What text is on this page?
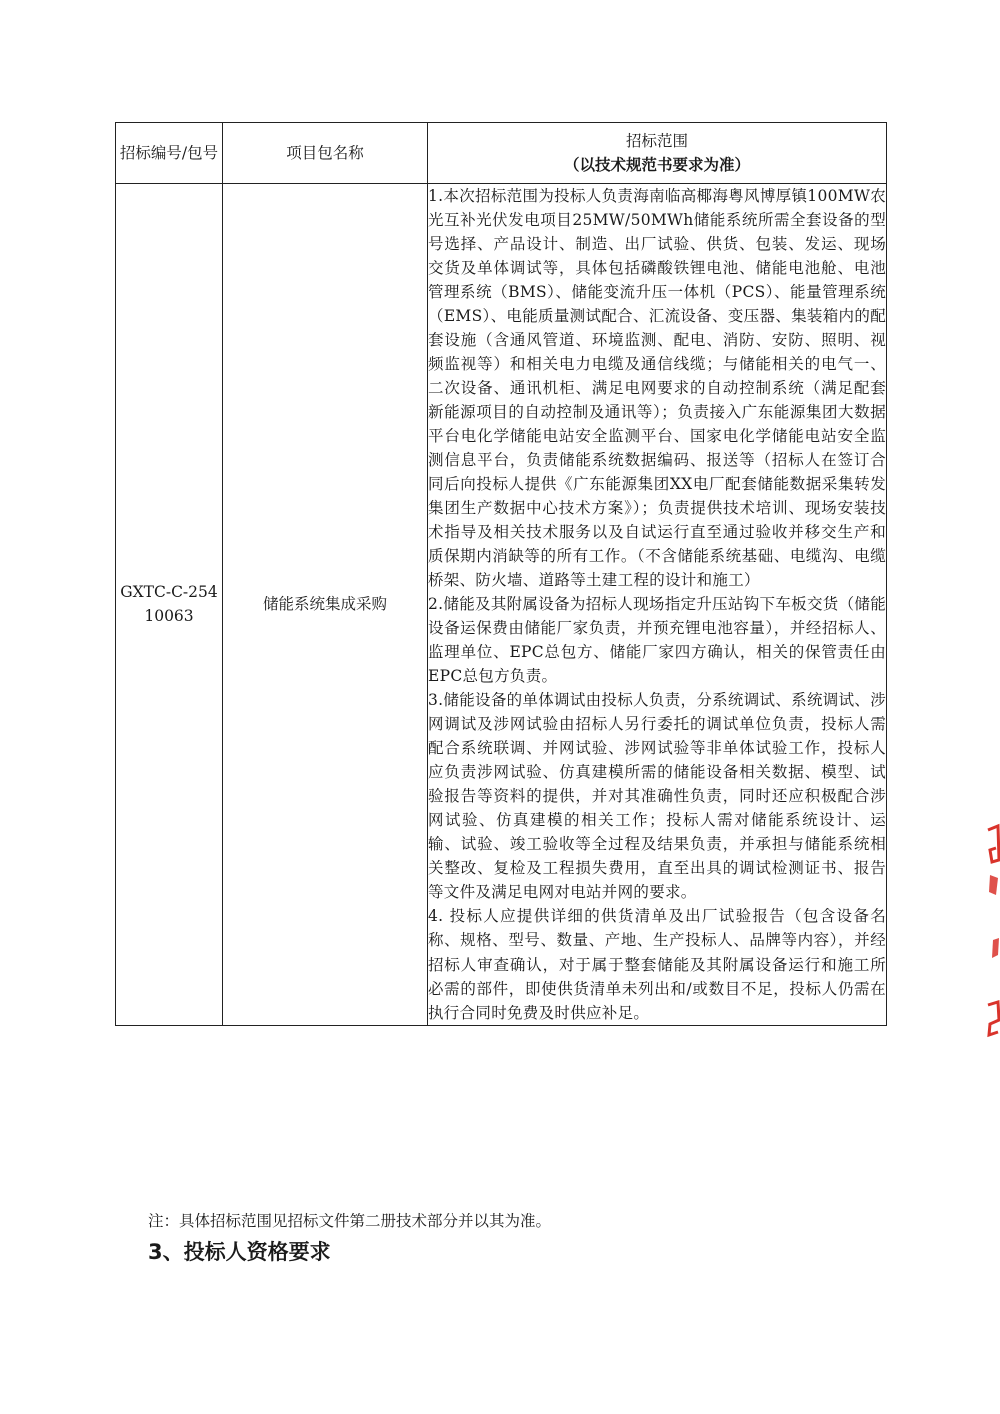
招标编号/包号	项目包名称	招标范围
（以技术规范书要求为准）

GXTC-C-254
10063	储能系统集成采购	1.本次招标范围为投标人负责海南临高椰海粤风博厚镇100MW农光互补光伏发电项目25MW/50MWh储能系统所需全套设备的型号选择、产品设计、制造、出厂试验、供货、包装、发运、现场交货及单体调试等，具体包括磷酸铁锂电池、储能电池舱、电池管理系统（BMS）、储能变流升压一体机（PCS）、能量管理系统（EMS）、电能质量测试配合、汇流设备、变压器、集装箱内的配套设施（含通风管道、环境监测、配电、消防、安防、照明、视频监视等）和相关电力电缆及通信线缆；与储能相关的电气一、二次设备、通讯机柜、满足电网要求的自动控制系统（满足配套新能源项目的自动控制及通讯等）；负责接入广东能源集团大数据平台电化学储能电站安全监测平台、国家电化学储能电站安全监测信息平台，负责储能系统数据编码、报送等（招标人在签订合同后向投标人提供《广东能源集团XX电厂配套储能数据采集转发集团生产数据中心技术方案》）；负责提供技术培训、现场安装技术指导及相关技术服务以及自试运行直至通过验收并移交生产和质保期内消缺等的所有工作。（不含储能系统基础、电缆沟、电缆桥架、防火墙、道路等土建工程的设计和施工）
2.储能及其附属设备为招标人现场指定升压站钩下车板交货（储能设备运保费由储能厂家负责，并预充锂电池容量），并经招标人、监理单位、EPC总包方、储能厂家四方确认，相关的保管责任由EPC总包方负责。
3.储能设备的单体调试由投标人负责，分系统调试、系统调试、涉网调试及涉网试验由招标人另行委托的调试单位负责，投标人需配合系统联调、并网试验、涉网试验等非单体试验工作，投标人应负责涉网试验、仿真建模所需的储能设备相关数据、模型、试验报告等资料的提供，并对其准确性负责，同时还应积极配合涉网试验、仿真建模的相关工作；投标人需对储能系统设计、运输、试验、竣工验收等全过程及结果负责，并承担与储能系统相关整改、复检及工程损失费用，直至出具的调试检测证书、报告等文件及满足电网对电站并网的要求。
4. 投标人应提供详细的供货清单及出厂试验报告（包含设备名称、规格、型号、数量、产地、生产投标人、品牌等内容），并经招标人审查确认，对于属于整套储能及其附属设备运行和施工所必需的部件，即使供货清单未列出和/或数目不足，投标人仍需在执行合同时免费及时供应补足。
注：具体招标范围见招标文件第二册技术部分并以其为准。
3、投标人资格要求
